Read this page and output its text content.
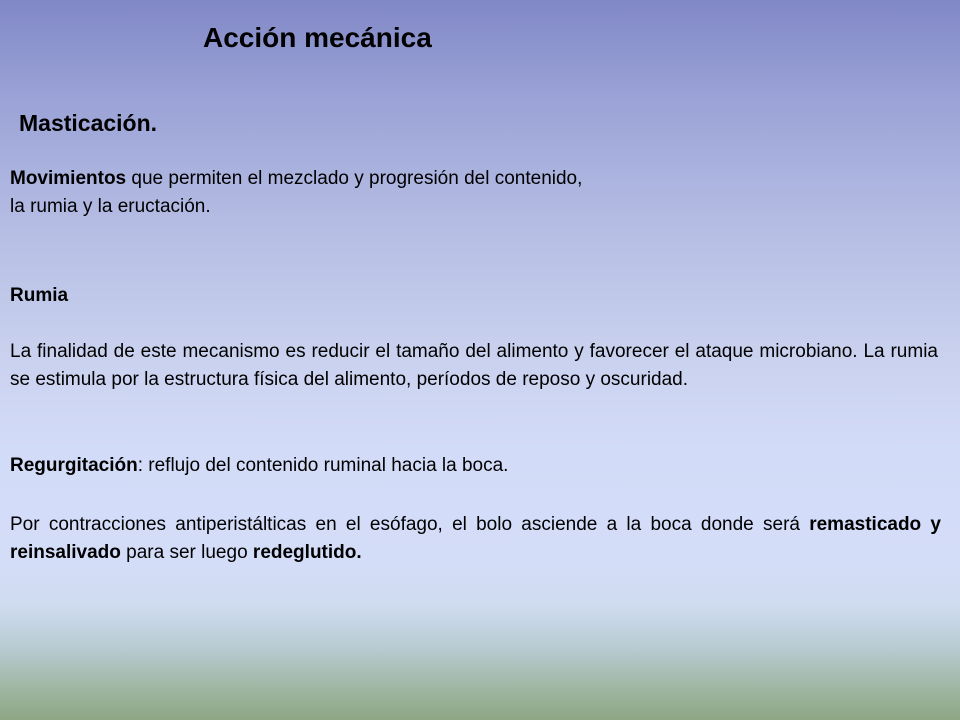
Acción mecánica
Masticación.
Movimientos que permiten el mezclado y progresión del contenido,
la rumia y la eructación.
Rumia
La finalidad de este mecanismo es reducir el tamaño del alimento y favorecer el ataque microbiano. La rumia se estimula por la estructura física del alimento, períodos de reposo y oscuridad.
Regurgitación: reflujo del contenido ruminal hacia la boca.
Por contracciones antiperistálticas en el esófago, el bolo asciende a la boca donde será remasticado y reinsalivado para ser luego redeglutido.
